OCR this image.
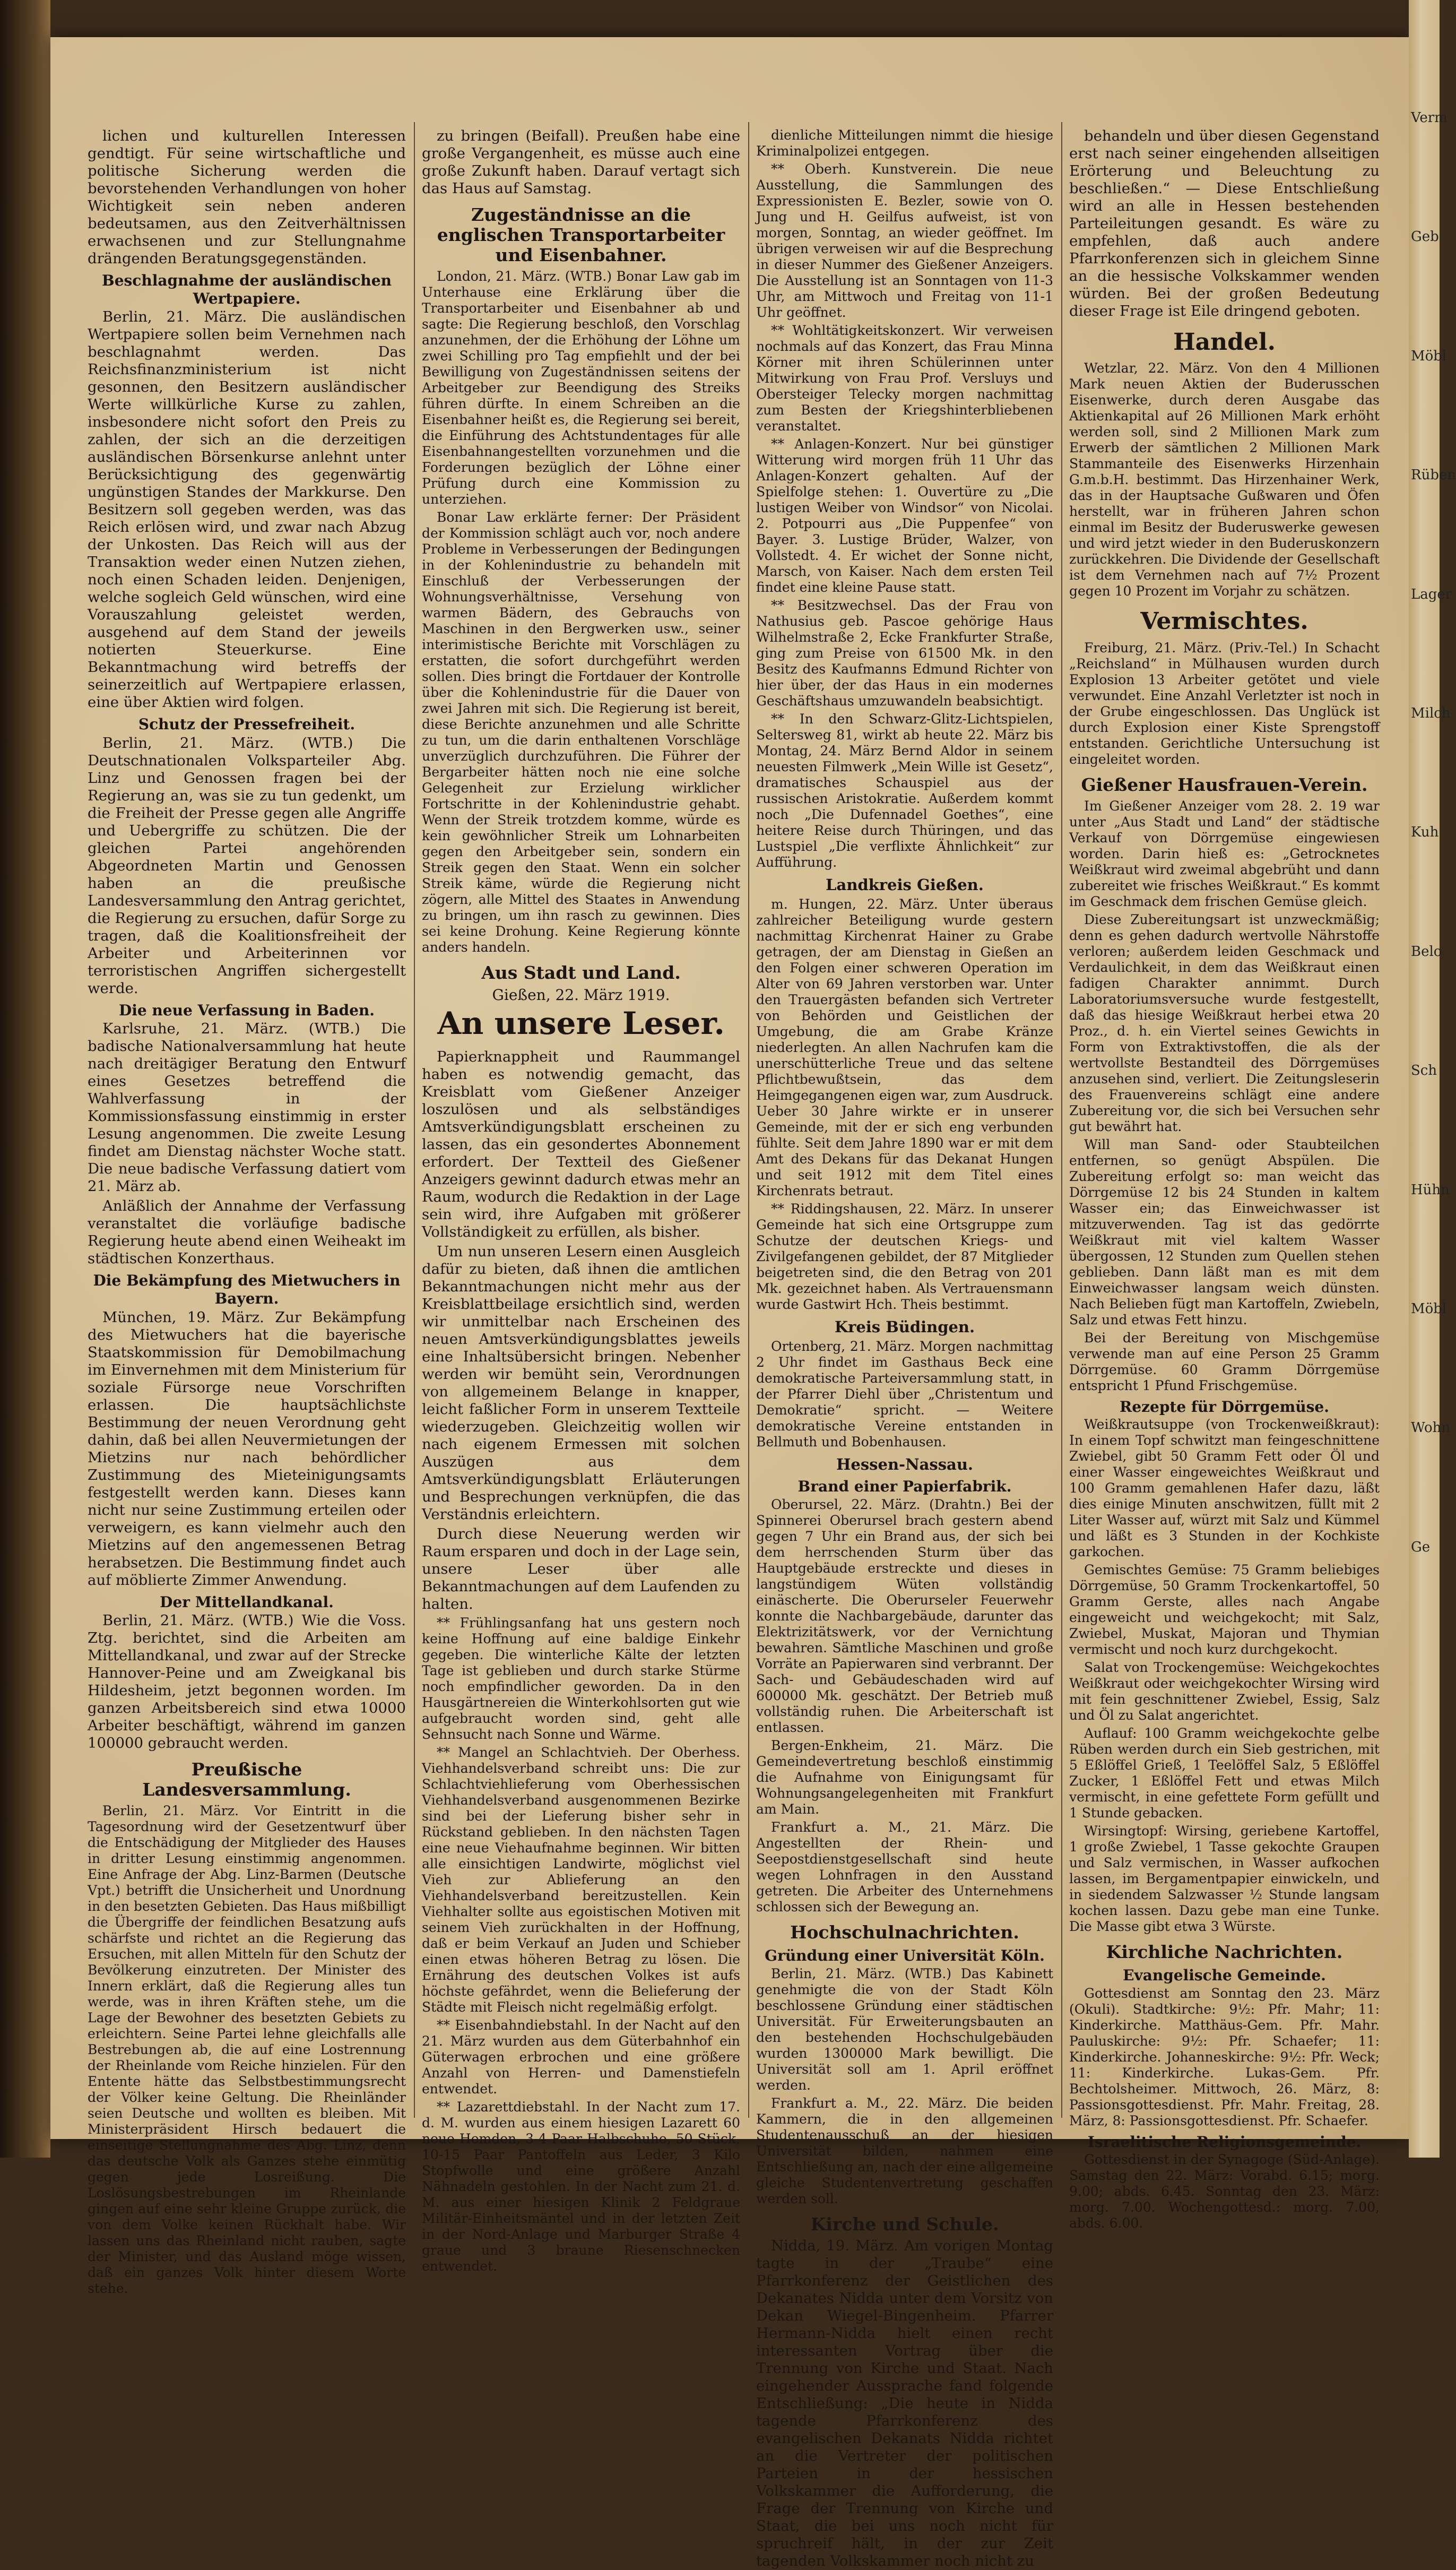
lichen und kulturellen Interessen gendtigt. Für seine wirtschaftliche und politische Sicherung werden die bevorstehenden Verhandlungen von hoher Wichtigkeit sein neben anderen bedeutsamen, aus den Zeitverhältnissen erwachsenen und zur Stellungnahme drängenden Beratungsgegenständen.

Beschlagnahme der ausländischen Wertpapiere.

Berlin, 21. März. Die ausländischen Wertpapiere sollen beim Vernehmen nach beschlagnahmt werden. Das Reichsfinanzministerium ist nicht gesonnen, den Besitzern ausländischer Werte willkürliche Kurse zu zahlen, insbesondere nicht sofort den Preis zu zahlen, der sich an die derzeitigen ausländischen Börsenkurse anlehnt unter Berücksichtigung des gegenwärtig ungünstigen Standes der Markkurse. Den Besitzern soll gegeben werden, was das Reich erlösen wird, und zwar nach Abzug der Unkosten. Das Reich will aus der Transaktion weder einen Nutzen ziehen, noch einen Schaden leiden. Denjenigen, welche sogleich Geld wünschen, wird eine Vorauszahlung geleistet werden, ausgehend auf dem Stand der jeweils notierten Steuerkurse. Eine Bekanntmachung wird betreffs der seinerzeitlich auf Wertpapiere erlassen, eine über Aktien wird folgen.

Schutz der Pressefreiheit.

Berlin, 21. März. (WTB.) Die Deutschnationalen Volksparteiler Abg. Linz und Genossen fragen bei der Regierung an, was sie zu tun gedenkt, um die Freiheit der Presse gegen alle Angriffe und Uebergriffe zu schützen. Die der gleichen Partei angehörenden Abgeordneten Martin und Genossen haben an die preußische Landesversammlung den Antrag gerichtet, die Regierung zu ersuchen, dafür Sorge zu tragen, daß die Koalitionsfreiheit der Arbeiter und Arbeiterinnen vor terroristischen Angriffen sichergestellt werde.

Die neue Verfassung in Baden.

Karlsruhe, 21. März. (WTB.) Die badische Nationalversammlung hat heute nach dreitägiger Beratung den Entwurf eines Gesetzes betreffend die Wahlverfassung in der Kommissionsfassung einstimmig in erster Lesung angenommen. Die zweite Lesung findet am Dienstag nächster Woche statt. Die neue badische Verfassung datiert vom 21. März ab.

Anläßlich der Annahme der Verfassung veranstaltet die vorläufige badische Regierung heute abend einen Weiheakt im städtischen Konzerthaus.

Die Bekämpfung des Mietwuchers in Bayern.

München, 19. März. Zur Bekämpfung des Mietwuchers hat die bayerische Staatskommission für Demobilmachung im Einvernehmen mit dem Ministerium für soziale Fürsorge neue Vorschriften erlassen. Die hauptsächlichste Bestimmung der neuen Verordnung geht dahin, daß bei allen Neuvermietungen der Mietzins nur nach behördlicher Zustimmung des Mieteinigungsamts festgestellt werden kann. Dieses kann nicht nur seine Zustimmung erteilen oder verweigern, es kann vielmehr auch den Mietzins auf den angemessenen Betrag herabsetzen. Die Bestimmung findet auch auf möblierte Zimmer Anwendung.

Der Mittellandkanal.

Berlin, 21. März. (WTB.) Wie die Voss. Ztg. berichtet, sind die Arbeiten am Mittellandkanal, und zwar auf der Strecke Hannover-Peine und am Zweigkanal bis Hildesheim, jetzt begonnen worden. Im ganzen Arbeitsbereich sind etwa 10000 Arbeiter beschäftigt, während im ganzen 100000 gebraucht werden.

Preußische Landesversammlung.

Berlin, 21. März. Vor Eintritt in die Tagesordnung wird der Gesetzentwurf über die Entschädigung der Mitglieder des Hauses in dritter Lesung einstimmig angenommen. Eine Anfrage der Abg. Linz-Barmen (Deutsche Vpt.) betrifft die Unsicherheit und Unordnung in den besetzten Gebieten. Das Haus mißbilligt die Übergriffe der feindlichen Besatzung aufs schärfste und richtet an die Regierung das Ersuchen, mit allen Mitteln für den Schutz der Bevölkerung einzutreten. Der Minister des Innern erklärt, daß die Regierung alles tun werde, was in ihren Kräften stehe, um die Lage der Bewohner des besetzten Gebiets zu erleichtern. Seine Partei lehne gleichfalls alle Bestrebungen ab, die auf eine Lostrennung der Rheinlande vom Reiche hinzielen. Für den Entente hätte das Selbstbestimmungsrecht der Völker keine Geltung. Die Rheinländer seien Deutsche und wollten es bleiben. Mit Ministerpräsident Hirsch bedauert die einseitige Stellungnahme des Abg. Linz, denn das deutsche Volk als Ganzes stehe einmütig gegen jede Losreißung. Die Loslösungsbestrebungen im Rheinlande gingen auf eine sehr kleine Gruppe zurück, die von dem Volke keinen Rückhalt habe. Wir lassen uns das Rheinland nicht rauben, sagte der Minister, und das Ausland möge wissen, daß ein ganzes Volk hinter diesem Worte stehe.

zu bringen (Beifall). Preußen habe eine große Vergangenheit, es müsse auch eine große Zukunft haben. Darauf vertagt sich das Haus auf Samstag.

Zugeständnisse an die englischen Transportarbeiter und Eisenbahner.

London, 21. März. (WTB.) Bonar Law gab im Unterhause eine Erklärung über die Transportarbeiter und Eisenbahner ab und sagte: Die Regierung beschloß, den Vorschlag anzunehmen, der die Erhöhung der Löhne um zwei Schilling pro Tag empfiehlt und der bei Bewilligung von Zugeständnissen seitens der Arbeitgeber zur Beendigung des Streiks führen dürfte. In einem Schreiben an die Eisenbahner heißt es, die Regierung sei bereit, die Einführung des Achtstundentages für alle Eisenbahnangestellten vorzunehmen und die Forderungen bezüglich der Löhne einer Prüfung durch eine Kommission zu unterziehen.

Bonar Law erklärte ferner: Der Präsident der Kommission schlägt auch vor, noch andere Probleme in Verbesserungen der Bedingungen in der Kohlenindustrie zu behandeln mit Einschluß der Verbesserungen der Wohnungsverhältnisse, Versehung von warmen Bädern, des Gebrauchs von Maschinen in den Bergwerken usw., seiner interimistische Berichte mit Vorschlägen zu erstatten, die sofort durchgeführt werden sollen. Dies bringt die Fortdauer der Kontrolle über die Kohlenindustrie für die Dauer von zwei Jahren mit sich. Die Regierung ist bereit, diese Berichte anzunehmen und alle Schritte zu tun, um die darin enthaltenen Vorschläge unverzüglich durchzuführen. Die Führer der Bergarbeiter hätten noch nie eine solche Gelegenheit zur Erzielung wirklicher Fortschritte in der Kohlenindustrie gehabt. Wenn der Streik trotzdem komme, würde es kein gewöhnlicher Streik um Lohnarbeiten gegen den Arbeitgeber sein, sondern ein Streik gegen den Staat. Wenn ein solcher Streik käme, würde die Regierung nicht zögern, alle Mittel des Staates in Anwendung zu bringen, um ihn rasch zu gewinnen. Dies sei keine Drohung. Keine Regierung könnte anders handeln.

Aus Stadt und Land.
Gießen, 22. März 1919.
An unsere Leser.

Papierknappheit und Raummangel haben es notwendig gemacht, das Kreisblatt vom Gießener Anzeiger loszulösen und als selbständiges Amtsverkündigungsblatt erscheinen zu lassen, das ein gesondertes Abonnement erfordert. Der Textteil des Gießener Anzeigers gewinnt dadurch etwas mehr an Raum, wodurch die Redaktion in der Lage sein wird, ihre Aufgaben mit größerer Vollständigkeit zu erfüllen, als bisher.

Um nun unseren Lesern einen Ausgleich dafür zu bieten, daß ihnen die amtlichen Bekanntmachungen nicht mehr aus der Kreisblattbeilage ersichtlich sind, werden wir unmittelbar nach Erscheinen des neuen Amtsverkündigungsblattes jeweils eine Inhaltsübersicht bringen. Nebenher werden wir bemüht sein, Verordnungen von allgemeinem Belange in knapper, leicht faßlicher Form in unserem Textteile wiederzugeben. Gleichzeitig wollen wir nach eigenem Ermessen mit solchen Auszügen aus dem Amtsverkündigungsblatt Erläuterungen und Besprechungen verknüpfen, die das Verständnis erleichtern.

Durch diese Neuerung werden wir Raum ersparen und doch in der Lage sein, unsere Leser über alle Bekanntmachungen auf dem Laufenden zu halten.

** Frühlingsanfang hat uns gestern noch keine Hoffnung auf eine baldige Einkehr gegeben. Die winterliche Kälte der letzten Tage ist geblieben und durch starke Stürme noch empfindlicher geworden. Da in den Hausgärtnereien die Winterkohlsorten gut wie aufgebraucht worden sind, geht alle Sehnsucht nach Sonne und Wärme.

** Mangel an Schlachtvieh. Der Oberhess. Viehhandelsverband schreibt uns: Die zur Schlachtviehlieferung vom Oberhessischen Viehhandelsverband ausgenommenen Bezirke sind bei der Lieferung bisher sehr in Rückstand geblieben. In den nächsten Tagen eine neue Viehaufnahme beginnen. Wir bitten alle einsichtigen Landwirte, möglichst viel Vieh zur Ablieferung an den Viehhandelsverband bereitzustellen. Kein Viehhalter sollte aus egoistischen Motiven mit seinem Vieh zurückhalten in der Hoffnung, daß er beim Verkauf an Juden und Schieber einen etwas höheren Betrag zu lösen. Die Ernährung des deutschen Volkes ist aufs höchste gefährdet, wenn die Belieferung der Städte mit Fleisch nicht regelmäßig erfolgt.

** Eisenbahndiebstahl. In der Nacht auf den 21. März wurden aus dem Güterbahnhof ein Güterwagen erbrochen und eine größere Anzahl von Herren- und Damenstiefeln entwendet.

** Lazarettdiebstahl. In der Nacht zum 17. d. M. wurden aus einem hiesigen Lazarett 60 neue Hemden, 3-4 Paar Halbschuhe, 50 Stück, 10-15 Paar Pantoffeln aus Leder, 3 Kilo Stopfwolle und eine größere Anzahl Nähnadeln gestohlen. In der Nacht zum 21. d. M. aus einer hiesigen Klinik 2 Feldgraue Militär-Einheitsmäntel und in der letzten Zeit in der Nord-Anlage und Marburger Straße 4 graue und 3 braune Riesenschnecken entwendet.

dienliche Mitteilungen nimmt die hiesige Kriminalpolizei entgegen.

** Oberh. Kunstverein. Die neue Ausstellung, die Sammlungen des Expressionisten E. Bezler, sowie von O. Jung und H. Geilfus aufweist, ist von morgen, Sonntag, an wieder geöffnet. Im übrigen verweisen wir auf die Besprechung in dieser Nummer des Gießener Anzeigers. Die Ausstellung ist an Sonntagen von 11-3 Uhr, am Mittwoch und Freitag von 11-1 Uhr geöffnet.

** Wohltätigkeitskonzert. Wir verweisen nochmals auf das Konzert, das Frau Minna Körner mit ihren Schülerinnen unter Mitwirkung von Frau Prof. Versluys und Obersteiger Telecky morgen nachmittag zum Besten der Kriegshinterbliebenen veranstaltet.

** Anlagen-Konzert. Nur bei günstiger Witterung wird morgen früh 11 Uhr das Anlagen-Konzert gehalten. Auf der Spielfolge stehen: 1. Ouvertüre zu „Die lustigen Weiber von Windsor“ von Nicolai. 2. Potpourri aus „Die Puppenfee“ von Bayer. 3. Lustige Brüder, Walzer, von Vollstedt. 4. Er wichet der Sonne nicht, Marsch, von Kaiser. Nach dem ersten Teil findet eine kleine Pause statt.

** Besitzwechsel. Das der Frau von Nathusius geb. Pascoe gehörige Haus Wilhelmstraße 2, Ecke Frankfurter Straße, ging zum Preise von 61500 Mk. in den Besitz des Kaufmanns Edmund Richter von hier über, der das Haus in ein modernes Geschäftshaus umzuwandeln beabsichtigt.

** In den Schwarz-Glitz-Lichtspielen, Seltersweg 81, wirkt ab heute 22. März bis Montag, 24. März Bernd Aldor in seinem neuesten Filmwerk „Mein Wille ist Gesetz“, dramatisches Schauspiel aus der russischen Aristokratie. Außerdem kommt noch „Die Dufennadel Goethes“, eine heitere Reise durch Thüringen, und das Lustspiel „Die verflixte Ähnlichkeit“ zur Aufführung.

Landkreis Gießen.

m. Hungen, 22. März. Unter überaus zahlreicher Beteiligung wurde gestern nachmittag Kirchenrat Hainer zu Grabe getragen, der am Dienstag in Gießen an den Folgen einer schweren Operation im Alter von 69 Jahren verstorben war. Unter den Trauergästen befanden sich Vertreter von Behörden und Geistlichen der Umgebung, die am Grabe Kränze niederlegten. An allen Nachrufen kam die unerschütterliche Treue und das seltene Pflichtbewußtsein, das dem Heimgegangenen eigen war, zum Ausdruck. Ueber 30 Jahre wirkte er in unserer Gemeinde, mit der er sich eng verbunden fühlte. Seit dem Jahre 1890 war er mit dem Amt des Dekans für das Dekanat Hungen und seit 1912 mit dem Titel eines Kirchenrats betraut.

** Riddingshausen, 22. März. In unserer Gemeinde hat sich eine Ortsgruppe zum Schutze der deutschen Kriegs- und Zivilgefangenen gebildet, der 87 Mitglieder beigetreten sind, die den Betrag von 201 Mk. gezeichnet haben. Als Vertrauensmann wurde Gastwirt Hch. Theis bestimmt.

Kreis Büdingen.

Ortenberg, 21. März. Morgen nachmittag 2 Uhr findet im Gasthaus Beck eine demokratische Parteiversammlung statt, in der Pfarrer Diehl über „Christentum und Demokratie“ spricht. — Weitere demokratische Vereine entstanden in Bellmuth und Bobenhausen.

Hessen-Nassau.
Brand einer Papierfabrik.

Oberursel, 22. März. (Drahtn.) Bei der Spinnerei Oberursel brach gestern abend gegen 7 Uhr ein Brand aus, der sich bei dem herrschenden Sturm über das Hauptgebäude erstreckte und dieses in langstündigem Wüten vollständig einäscherte. Die Oberurseler Feuerwehr konnte die Nachbargebäude, darunter das Elektrizitätswerk, vor der Vernichtung bewahren. Sämtliche Maschinen und große Vorräte an Papierwaren sind verbrannt. Der Sach- und Gebäudeschaden wird auf 600000 Mk. geschätzt. Der Betrieb muß vollständig ruhen. Die Arbeiterschaft ist entlassen.

Bergen-Enkheim, 21. März. Die Gemeindevertretung beschloß einstimmig die Aufnahme von Einigungsamt für Wohnungsangelegenheiten mit Frankfurt am Main.

Frankfurt a. M., 21. März. Die Angestellten der Rhein- und Seepostdienstgesellschaft sind heute wegen Lohnfragen in den Ausstand getreten. Die Arbeiter des Unternehmens schlossen sich der Bewegung an.

Hochschulnachrichten.
Gründung einer Universität Köln.

Berlin, 21. März. (WTB.) Das Kabinett genehmigte die von der Stadt Köln beschlossene Gründung einer städtischen Universität. Für Erweiterungsbauten an den bestehenden Hochschulgebäuden wurden 1300000 Mark bewilligt. Die Universität soll am 1. April eröffnet werden.

Frankfurt a. M., 22. März. Die beiden Kammern, die in den allgemeinen Studentenausschuß an der hiesigen Universität bilden, nahmen eine Entschließung an, nach der eine allgemeine gleiche Studentenvertretung geschaffen werden soll.

Kirche und Schule.

Nidda, 19. März. Am vorigen Montag tagte in der „Traube“ eine Pfarrkonferenz der Geistlichen des Dekanates Nidda unter dem Vorsitz von Dekan Wiegel-Bingenheim. Pfarrer Hermann-Nidda hielt einen recht interessanten Vortrag über die Trennung von Kirche und Staat. Nach eingehender Aussprache fand folgende Entschließung: „Die heute in Nidda tagende Pfarrkonferenz des evangelischen Dekanats Nidda richtet an die Vertreter der politischen Parteien in der hessischen Volkskammer die Aufforderung, die Frage der Trennung von Kirche und Staat, die bei uns noch nicht für spruchreif hält, in der zur Zeit tagenden Volkskammer noch nicht zu

behandeln und über diesen Gegenstand erst nach seiner eingehenden allseitigen Erörterung und Beleuchtung zu beschließen.“ — Diese Entschließung wird an alle in Hessen bestehenden Parteileitungen gesandt. Es wäre zu empfehlen, daß auch andere Pfarrkonferenzen sich in gleichem Sinne an die hessische Volkskammer wenden würden. Bei der großen Bedeutung dieser Frage ist Eile dringend geboten.

Handel.

Wetzlar, 22. März. Von den 4 Millionen Mark neuen Aktien der Buderusschen Eisenwerke, durch deren Ausgabe das Aktienkapital auf 26 Millionen Mark erhöht werden soll, sind 2 Millionen Mark zum Erwerb der sämtlichen 2 Millionen Mark Stammanteile des Eisenwerks Hirzenhain G.m.b.H. bestimmt. Das Hirzenhainer Werk, das in der Hauptsache Gußwaren und Öfen herstellt, war in früheren Jahren schon einmal im Besitz der Buderuswerke gewesen und wird jetzt wieder in den Buderuskonzern zurückkehren. Die Dividende der Gesellschaft ist dem Vernehmen nach auf 7½ Prozent gegen 10 Prozent im Vorjahr zu schätzen.

Vermischtes.

Freiburg, 21. März. (Priv.-Tel.) In Schacht „Reichsland“ in Mülhausen wurden durch Explosion 13 Arbeiter getötet und viele verwundet. Eine Anzahl Verletzter ist noch in der Grube eingeschlossen. Das Unglück ist durch Explosion einer Kiste Sprengstoff entstanden. Gerichtliche Untersuchung ist eingeleitet worden.

Gießener Hausfrauen-Verein.

Im Gießener Anzeiger vom 28. 2. 19 war unter „Aus Stadt und Land“ der städtische Verkauf von Dörrgemüse eingewiesen worden. Darin hieß es: „Getrocknetes Weißkraut wird zweimal abgebrüht und dann zubereitet wie frisches Weißkraut.“ Es kommt im Geschmack dem frischen Gemüse gleich.

Diese Zubereitungsart ist unzweckmäßig; denn es gehen dadurch wertvolle Nährstoffe verloren; außerdem leiden Geschmack und Verdaulichkeit, in dem das Weißkraut einen fadigen Charakter annimmt. Durch Laboratoriumsversuche wurde festgestellt, daß das hiesige Weißkraut herbei etwa 20 Proz., d. h. ein Viertel seines Gewichts in Form von Extraktivstoffen, die als der wertvollste Bestandteil des Dörrgemüses anzusehen sind, verliert. Die Zeitungsleserin des Frauenvereins schlägt eine andere Zubereitung vor, die sich bei Versuchen sehr gut bewährt hat.

Will man Sand- oder Staubteilchen entfernen, so genügt Abspülen. Die Zubereitung erfolgt so: man weicht das Dörrgemüse 12 bis 24 Stunden in kaltem Wasser ein; das Einweichwasser ist mitzuverwenden. Tag ist das gedörrte Weißkraut mit viel kaltem Wasser übergossen, 12 Stunden zum Quellen stehen geblieben. Dann läßt man es mit dem Einweichwasser langsam weich dünsten. Nach Belieben fügt man Kartoffeln, Zwiebeln, Salz und etwas Fett hinzu.

Bei der Bereitung von Mischgemüse verwende man auf eine Person 25 Gramm Dörrgemüse. 60 Gramm Dörrgemüse entspricht 1 Pfund Frischgemüse.

Rezepte für Dörrgemüse.

Weißkrautsuppe (von Trockenweißkraut): In einem Topf schwitzt man feingeschnittene Zwiebel, gibt 50 Gramm Fett oder Öl und einer Wasser eingeweichtes Weißkraut und 100 Gramm gemahlenen Hafer dazu, läßt dies einige Minuten anschwitzen, füllt mit 2 Liter Wasser auf, würzt mit Salz und Kümmel und läßt es 3 Stunden in der Kochkiste garkochen.

Gemischtes Gemüse: 75 Gramm beliebiges Dörrgemüse, 50 Gramm Trockenkartoffel, 50 Gramm Gerste, alles nach Angabe eingeweicht und weichgekocht; mit Salz, Zwiebel, Muskat, Majoran und Thymian vermischt und noch kurz durchgekocht.

Salat von Trockengemüse: Weichgekochtes Weißkraut oder weichgekochter Wirsing wird mit fein geschnittener Zwiebel, Essig, Salz und Öl zu Salat angerichtet.

Auflauf: 100 Gramm weichgekochte gelbe Rüben werden durch ein Sieb gestrichen, mit 5 Eßlöffel Grieß, 1 Teelöffel Salz, 5 Eßlöffel Zucker, 1 Eßlöffel Fett und etwas Milch vermischt, in eine gefettete Form gefüllt und 1 Stunde gebacken.

Wirsingtopf: Wirsing, geriebene Kartoffel, 1 große Zwiebel, 1 Tasse gekochte Graupen und Salz vermischen, in Wasser aufkochen lassen, im Bergamentpapier einwickeln, und in siedendem Salzwasser ½ Stunde langsam kochen lassen. Dazu gebe man eine Tunke. Die Masse gibt etwa 3 Würste.

Kirchliche Nachrichten.
Evangelische Gemeinde.

Gottesdienst am Sonntag den 23. März (Okuli). Stadtkirche: 9½: Pfr. Mahr; 11: Kinderkirche. Matthäus-Gem. Pfr. Mahr. Pauluskirche: 9½: Pfr. Schaefer; 11: Kinderkirche. Johanneskirche: 9½: Pfr. Weck; 11: Kinderkirche. Lukas-Gem. Pfr. Bechtolsheimer. Mittwoch, 26. März, 8: Passionsgottesdienst. Pfr. Mahr. Freitag, 28. März, 8: Passionsgottesdienst. Pfr. Schaefer.

Israelitische Religionsgemeinde.

Gottesdienst in der Synagoge (Süd-Anlage). Samstag den 22. März: Vorabd. 6.15; morg. 9.00; abds. 6.45. Sonntag den 23. März: morg. 7.00. Wochengottesd.: morg. 7.00, abds. 6.00.

Verm
Geb
Möbl
Rüben
Lager
Milch
Kuh
Belo
Sch
Hühn
Möbl
Wohn
Ge
